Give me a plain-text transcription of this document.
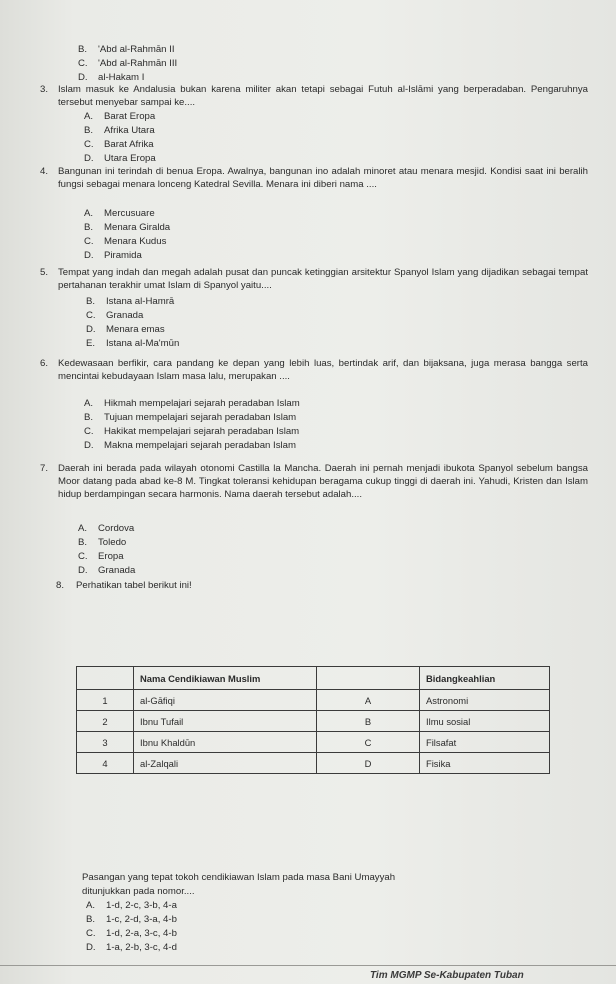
B. 'Abd al-Rahmān II
C. 'Abd al-Rahmān III
D. al-Hakam I
3. Islam masuk ke Andalusia bukan karena militer akan tetapi sebagai Futuh al-Islāmi yang berperadaban. Pengaruhnya tersebut menyebar sampai ke....
A. Barat Eropa
B. Afrika Utara
C. Barat Afrika
D. Utara Eropa
4. Bangunan ini terindah di benua Eropa. Awalnya, bangunan ino adalah minoret atau menara mesjid. Kondisi saat ini beralih fungsi sebagai menara lonceng Katedral Sevilla. Menara ini diberi nama ....
A. Mercusuare
B. Menara Giralda
C. Menara Kudus
D. Piramida
5. Tempat yang indah dan megah adalah pusat dan puncak ketinggian arsitektur Spanyol Islam yang dijadikan sebagai tempat pertahanan terakhir umat Islam di Spanyol yaitu....
B. Istana al-Hamrā
C. Granada
D. Menara emas
E. Istana al-Ma'mūn
6. Kedewasaan berfikir, cara pandang ke depan yang lebih luas, bertindak arif, dan bijaksana, juga merasa bangga serta mencintai kebudayaan Islam masa lalu, merupakan ....
A. Hikmah mempelajari sejarah peradaban Islam
B. Tujuan mempelajari sejarah peradaban Islam
C. Hakikat mempelajari sejarah peradaban Islam
D. Makna mempelajari sejarah peradaban Islam
7. Daerah ini berada pada wilayah otonomi Castilla la Mancha. Daerah ini pernah menjadi ibukota Spanyol sebelum bangsa Moor datang pada abad ke-8 M. Tingkat toleransi kehidupan beragama cukup tinggi di daerah ini. Yahudi, Kristen dan Islam hidup berdampingan secara harmonis. Nama daerah tersebut adalah....
A. Cordova
B. Toledo
C. Eropa
D. Granada
8. Perhatikan tabel berikut ini!
	Nama Cendikiawan Muslim		Bidangkeahlian
1	al-Gāfiqi	A	Astronomi
2	Ibnu Tufail	B	Ilmu sosial
3	Ibnu Khaldūn	C	Filsafat
4	al-Zalqali	D	Fisika
Pasangan yang tepat tokoh cendikiawan Islam pada masa Bani Umayyah
ditunjukkan pada nomor....
A. 1-d, 2-c, 3-b, 4-a
B. 1-c, 2-d, 3-a, 4-b
C. 1-d, 2-a, 3-c, 4-b
D. 1-a, 2-b, 3-c, 4-d
Tim MGMP Se-Kabupaten Tuban
